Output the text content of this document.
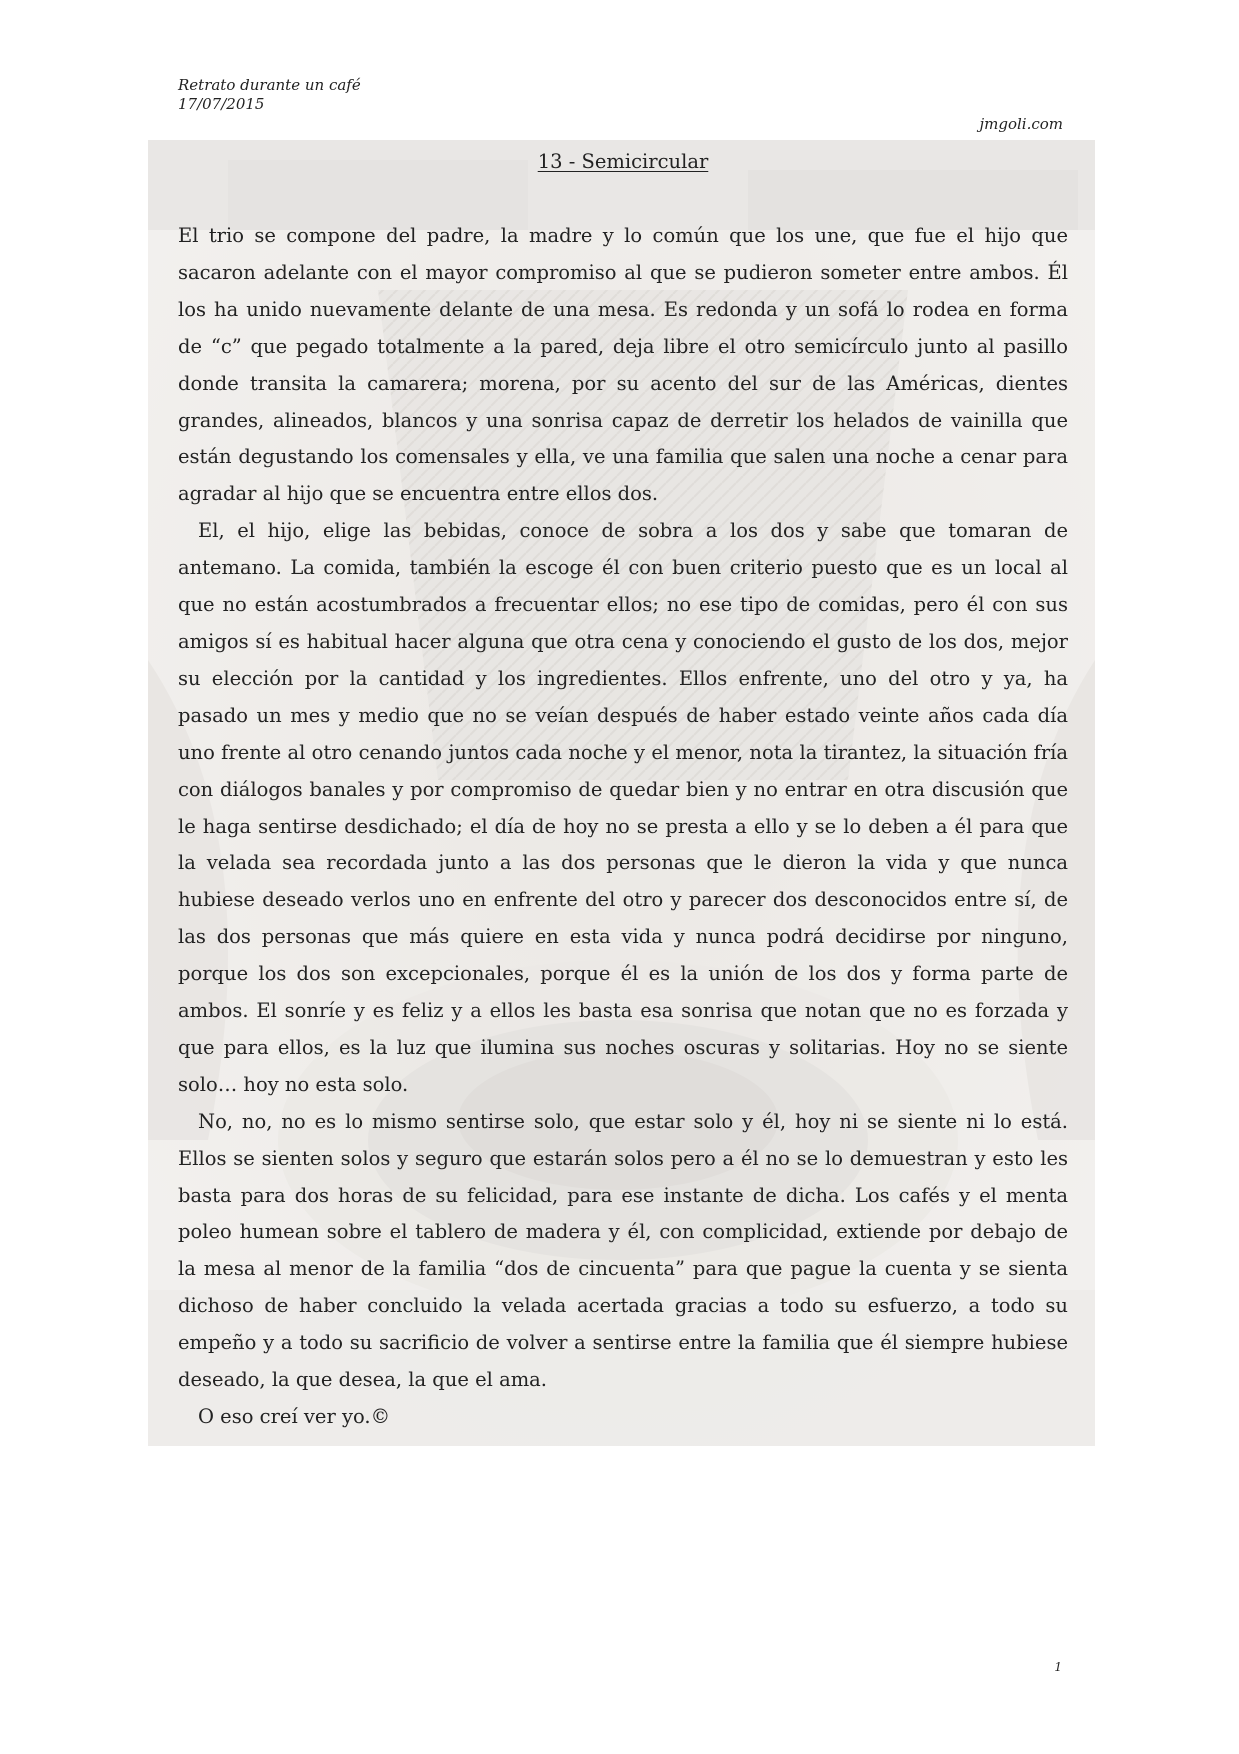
Retrato durante un café
17/07/2015
jmgoli.com
13 - Semicircular

El trio se compone del padre, la madre y lo común que los une, que fue el hijo que sacaron adelante con el mayor compromiso al que se pudieron someter entre ambos. Él los ha unido nuevamente delante de una mesa. Es redonda y un sofá lo rodea en forma de “c” que pegado totalmente a la pared, deja libre el otro semicírculo junto al pasillo donde transita la camarera; morena, por su acento del sur de las Américas, dientes grandes, alineados, blancos y una sonrisa capaz de derretir los helados de vainilla que están degustando los comensales y ella, ve una familia que salen una noche a cenar para agradar al hijo que se encuentra entre ellos dos.

El, el hijo, elige las bebidas, conoce de sobra a los dos y sabe que tomaran de antemano. La comida, también la escoge él con buen criterio puesto que es un local al que no están acostumbrados a frecuentar ellos; no ese tipo de comidas, pero él con sus amigos sí es habitual hacer alguna que otra cena y conociendo el gusto de los dos, mejor su elección por la cantidad y los ingredientes. Ellos enfrente, uno del otro y ya, ha pasado un mes y medio que no se veían después de haber estado veinte años cada día uno frente al otro cenando juntos cada noche y el menor, nota la tirantez, la situación fría con diálogos banales y por compromiso de quedar bien y no entrar en otra discusión que le haga sentirse desdichado; el día de hoy no se presta a ello y se lo deben a él para que la velada sea recordada junto a las dos personas que le dieron la vida y que nunca hubiese deseado verlos uno en enfrente del otro y parecer dos desconocidos entre sí, de las dos personas que más quiere en esta vida y nunca podrá decidirse por ninguno, porque los dos son excepcionales, porque él es la unión de los dos y forma parte de ambos. El sonríe y es feliz y a ellos les basta esa sonrisa que notan que no es forzada y que para ellos, es la luz que ilumina sus noches oscuras y solitarias. Hoy no se siente solo… hoy no esta solo.

No, no, no es lo mismo sentirse solo, que estar solo y él, hoy ni se siente ni lo está. Ellos se sienten solos y seguro que estarán solos pero a él no se lo demuestran y esto les basta para dos horas de su felicidad, para ese instante de dicha. Los cafés y el menta poleo humean sobre el tablero de madera y él, con complicidad, extiende por debajo de la mesa al menor de la familia “dos de cincuenta” para que pague la cuenta y se sienta dichoso de haber concluido la velada acertada gracias a todo su esfuerzo, a todo su empeño y a todo su sacrificio de volver a sentirse entre la familia que él siempre hubiese deseado, la que desea, la que el ama.

O eso creí ver yo.©

1
